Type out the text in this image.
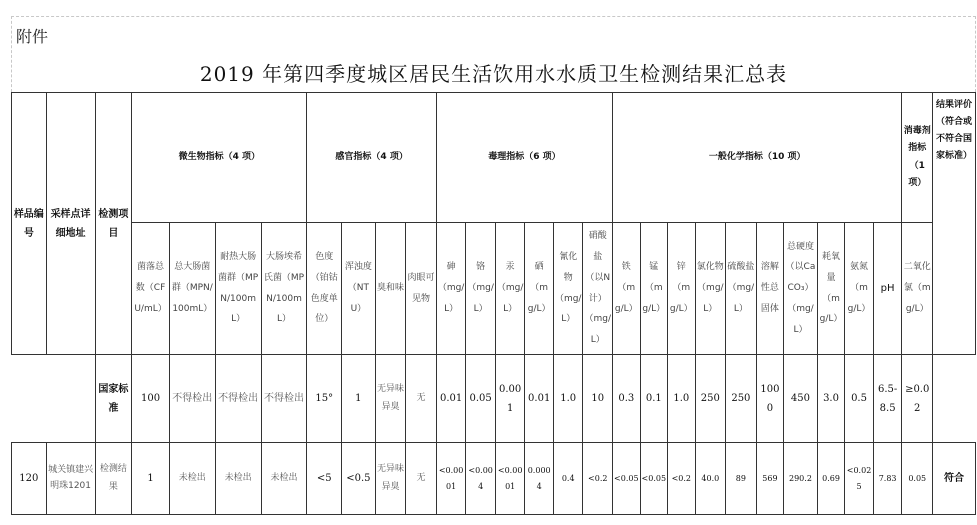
附件
2019 年第四季度城区居民生活饮用水水质卫生检测结果汇总表
样品编号	采样点详细地址	检测项目	微生物指标（4 项）				感官指标（4 项）				毒理指标（6 项）						一般化学指标（10 项）										消毒剂指标（1 项）	结果评价（符合或不符合国家标准）
			菌落总数（CFU/mL）	总大肠菌群（MPN/100mL）	耐热大肠菌群（MPN/100mL）	大肠埃希氏菌（MPN/100mL）	色度（铂钴色度单位）	浑浊度（NTU）	臭和味	肉眼可见物	砷（mg/L）	铬（mg/L）	汞（mg/L）	硒（mg/L）	氰化物（mg/L）	硝酸盐（以N计）（mg/L）	铁（mg/L）	锰（mg/L）	锌（mg/L）	氯化物（mg/L）	硫酸盐（mg/L）	溶解性总固体	总硬度（以CaCO₃）（mg/L）	耗氧量（mg/L）	氨氮（mg/L）	pH	二氧化氯（mg/L）	
		国家标准	100	不得检出	不得检出	不得检出	15°	1	无异味异臭	无	0.01	0.05	0.001	0.01	1.0	10	0.3	0.1	1.0	250	250	1000	450	3.0	0.5	6.5-8.5	≥0.02	
120	城关镇建兴明珠1201	检测结果	1	未检出	未检出	未检出	<5	<0.5	无异味异臭	无	<0.0001	<0.004	<0.0001	0.0004	0.4	<0.2	<0.05	<0.05	<0.2	40.0	89	569	290.2	0.69	<0.025	7.83	0.05	符合
